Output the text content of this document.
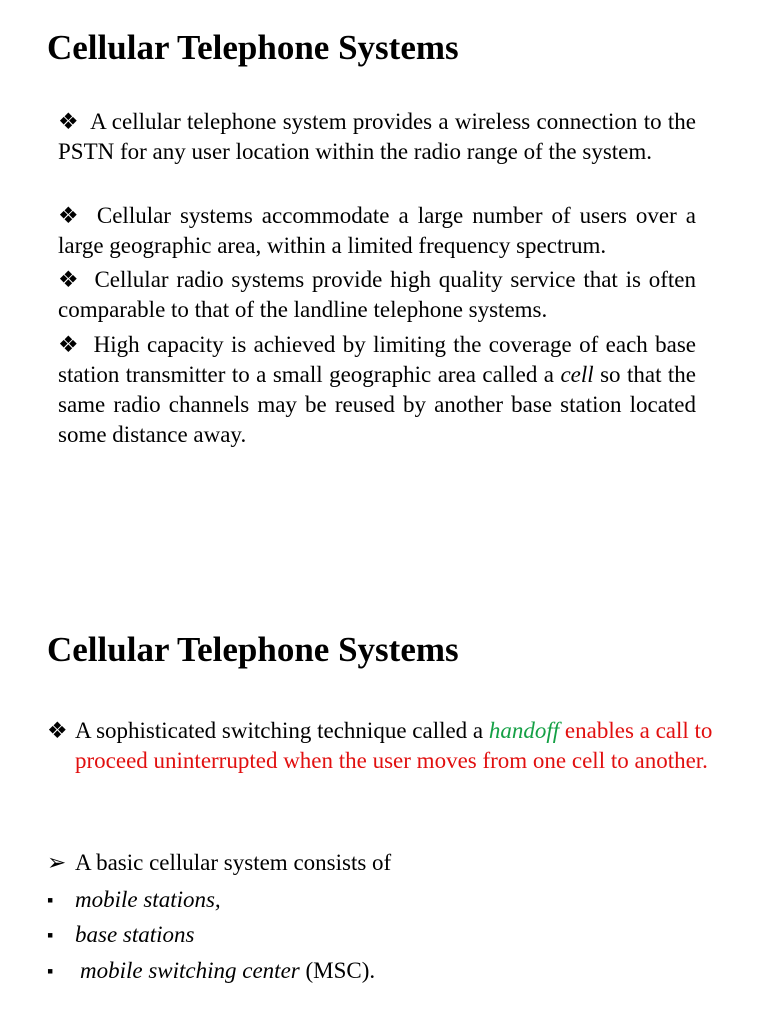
Cellular Telephone Systems

❖ A cellular telephone system provides a wireless connection to the PSTN for any user location within the radio range of the system.

❖ Cellular systems accommodate a large number of users over a large geographic area, within a limited frequency spectrum.

❖ Cellular radio systems provide high quality service that is often comparable to that of the landline telephone systems.

❖ High capacity is achieved by limiting the coverage of each base station transmitter to a small geographic area called a cell so that the same radio channels may be reused by another base station located some distance away.

Cellular Telephone Systems
❖ A sophisticated switching technique called a handoff enables a call to proceed uninterrupted when the user moves from one cell to another.
➢ A basic cellular system consists of
▪ mobile stations,
▪ base stations
▪	mobile switching center (MSC).
